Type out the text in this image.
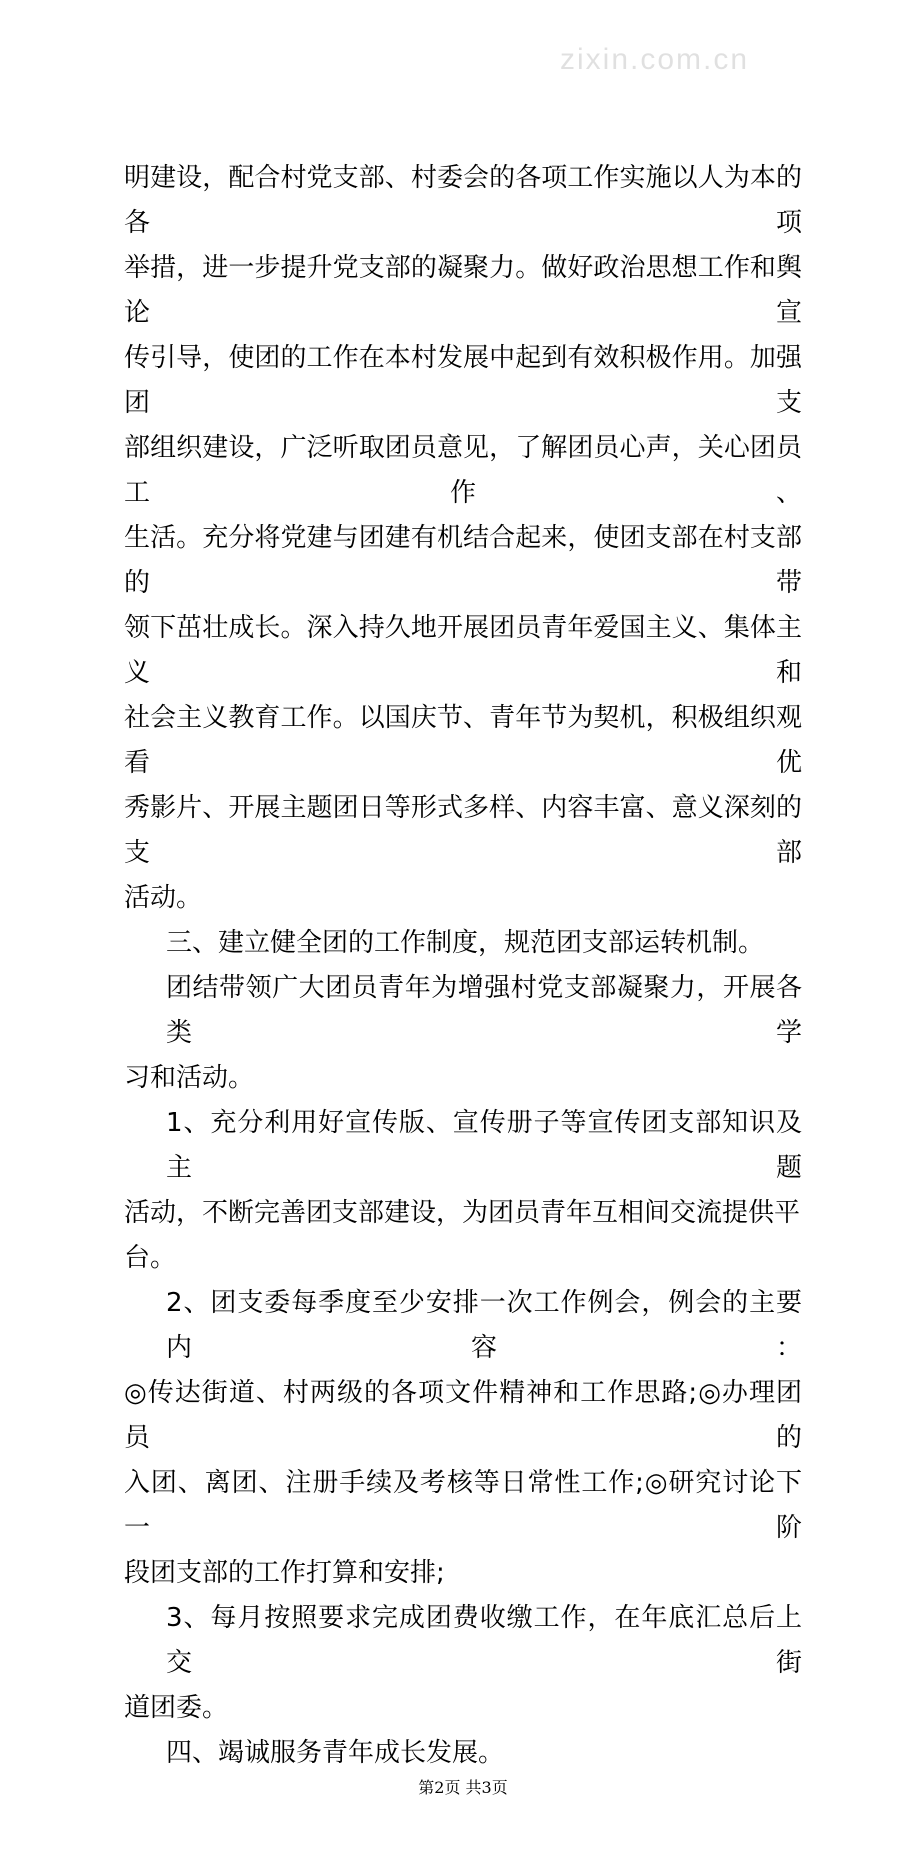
zixin.com.cn
明建设，配合村党支部、村委会的各项工作实施以人为本的各项
举措，进一步提升党支部的凝聚力。做好政治思想工作和舆论宣
传引导，使团的工作在本村发展中起到有效积极作用。加强团支
部组织建设，广泛听取团员意见，了解团员心声，关心团员工作、
生活。充分将党建与团建有机结合起来，使团支部在村支部的带
领下茁壮成长。深入持久地开展团员青年爱国主义、集体主义和
社会主义教育工作。以国庆节、青年节为契机，积极组织观看优
秀影片、开展主题团日等形式多样、内容丰富、意义深刻的支部
活动。
三、建立健全团的工作制度，规范团支部运转机制。
团结带领广大团员青年为增强村党支部凝聚力，开展各类学
习和活动。
1、充分利用好宣传版、宣传册子等宣传团支部知识及主题
活动，不断完善团支部建设，为团员青年互相间交流提供平台。
2、团支委每季度至少安排一次工作例会，例会的主要内容：
◎传达街道、村两级的各项文件精神和工作思路;◎办理团员的
入团、离团、注册手续及考核等日常性工作;◎研究讨论下一阶
段团支部的工作打算和安排;
3、每月按照要求完成团费收缴工作，在年底汇总后上交街
道团委。
四、竭诚服务青年成长发展。
第2页 共3页
